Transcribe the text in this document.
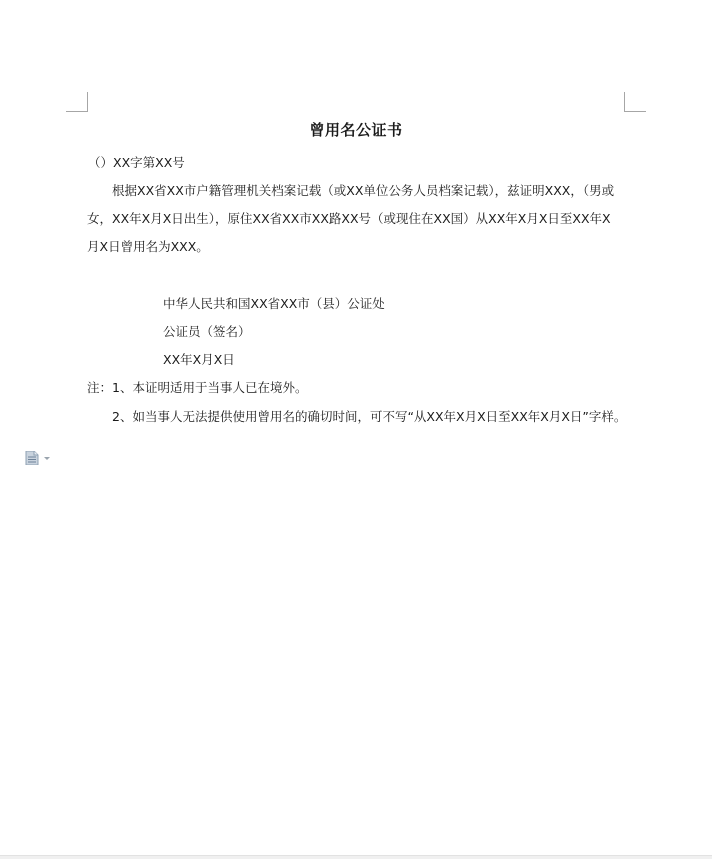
曾用名公证书
（）XX字第XX号
根据XX省XX市户籍管理机关档案记载（或XX单位公务人员档案记载），兹证明XXX，（男或
女，XX年X月X日出生），原住XX省XX市XX路XX号（或现住在XX国）从XX年X月X日至XX年X
月X日曾用名为XXX。
中华人民共和国XX省XX市（县）公证处
公证员（签名）
XX年X月X日
注：1、本证明适用于当事人已在境外。
2、如当事人无法提供使用曾用名的确切时间，可不写“从XX年X月X日至XX年X月X日”字样。
